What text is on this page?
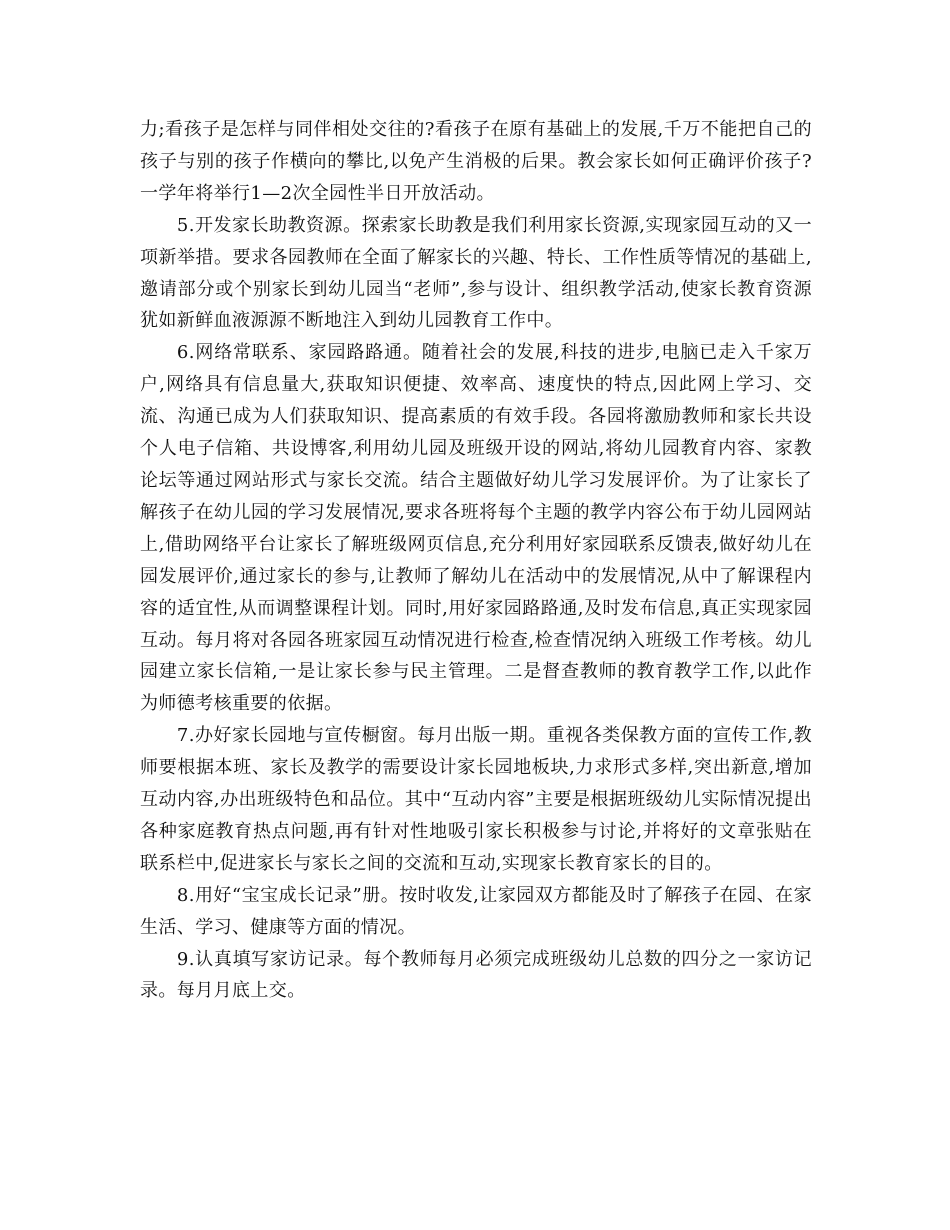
力;看孩子是怎样与同伴相处交往的?看孩子在原有基础上的发展,千万不能把自己的孩子与别的孩子作横向的攀比,以免产生消极的后果。教会家长如何正确评价孩子?一学年将举行1—2次全园性半日开放活动。

5.开发家长助教资源。探索家长助教是我们利用家长资源,实现家园互动的又一项新举措。要求各园教师在全面了解家长的兴趣、特长、工作性质等情况的基础上,邀请部分或个别家长到幼儿园当“老师”,参与设计、组织教学活动,使家长教育资源犹如新鲜血液源源不断地注入到幼儿园教育工作中。

6.网络常联系、家园路路通。随着社会的发展,科技的进步,电脑已走入千家万户,网络具有信息量大,获取知识便捷、效率高、速度快的特点,因此网上学习、交流、沟通已成为人们获取知识、提高素质的有效手段。各园将激励教师和家长共设个人电子信箱、共设博客,利用幼儿园及班级开设的网站,将幼儿园教育内容、家教论坛等通过网站形式与家长交流。结合主题做好幼儿学习发展评价。为了让家长了解孩子在幼儿园的学习发展情况,要求各班将每个主题的教学内容公布于幼儿园网站上,借助网络平台让家长了解班级网页信息,充分利用好家园联系反馈表,做好幼儿在园发展评价,通过家长的参与,让教师了解幼儿在活动中的发展情况,从中了解课程内容的适宜性,从而调整课程计划。同时,用好家园路路通,及时发布信息,真正实现家园互动。每月将对各园各班家园互动情况进行检查,检查情况纳入班级工作考核。幼儿园建立家长信箱,一是让家长参与民主管理。二是督查教师的教育教学工作,以此作为师德考核重要的依据。

7.办好家长园地与宣传橱窗。每月出版一期。重视各类保教方面的宣传工作,教师要根据本班、家长及教学的需要设计家长园地板块,力求形式多样,突出新意,增加互动内容,办出班级特色和品位。其中“互动内容”主要是根据班级幼儿实际情况提出各种家庭教育热点问题,再有针对性地吸引家长积极参与讨论,并将好的文章张贴在联系栏中,促进家长与家长之间的交流和互动,实现家长教育家长的目的。

8.用好“宝宝成长记录”册。按时收发,让家园双方都能及时了解孩子在园、在家生活、学习、健康等方面的情况。

9.认真填写家访记录。每个教师每月必须完成班级幼儿总数的四分之一家访记录。每月月底上交。
